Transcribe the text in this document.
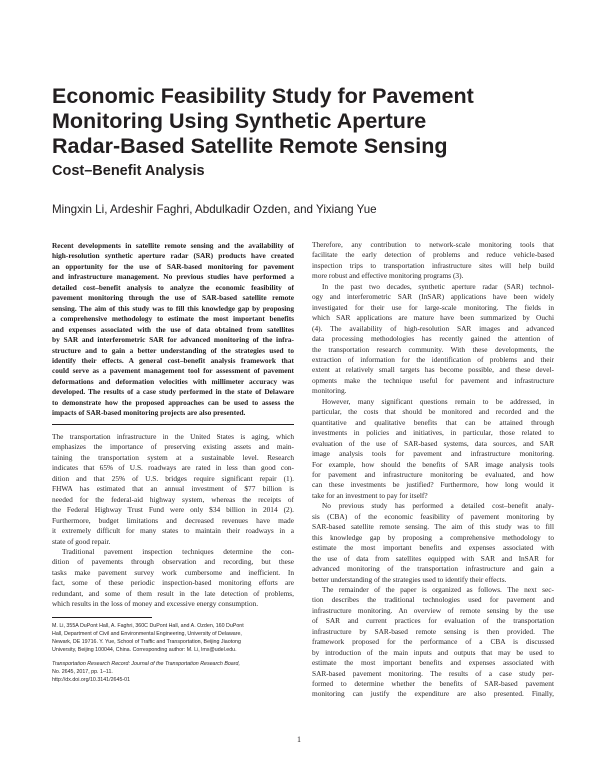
Economic Feasibility Study for Pavement
Monitoring Using Synthetic Aperture
Radar-Based Satellite Remote Sensing
Cost–Benefit Analysis
Mingxin Li, Ardeshir Faghri, Abdulkadir Ozden, and Yixiang Yue
Recent developments in satellite remote sensing and the availability of
high-resolution synthetic aperture radar (SAR) products have created
an opportunity for the use of SAR-based monitoring for pavement
and infrastructure management. No previous studies have performed a
detailed cost–benefit analysis to analyze the economic feasibility of
pavement monitoring through the use of SAR-based satellite remote
sensing. The aim of this study was to fill this knowledge gap by proposing
a comprehensive methodology to estimate the most important benefits
and expenses associated with the use of data obtained from satellites
by SAR and interferometric SAR for advanced monitoring of the infra-
structure and to gain a better understanding of the strategies used to
identify their effects. A general cost–benefit analysis framework that
could serve as a pavement management tool for assessment of pavement
deformations and deformation velocities with millimeter accuracy was
developed. The results of a case study performed in the state of Delaware
to demonstrate how the proposed approaches can be used to assess the
impacts of SAR-based monitoring projects are also presented.
The transportation infrastructure in the United States is aging, which
emphasizes the importance of preserving existing assets and main-
taining the transportation system at a sustainable level. Research
indicates that 65% of U.S. roadways are rated in less than good con-
dition and that 25% of U.S. bridges require significant repair (1).
FHWA has estimated that an annual investment of $77 billion is
needed for the federal-aid highway system, whereas the receipts of
the Federal Highway Trust Fund were only $34 billion in 2014 (2).
Furthermore, budget limitations and decreased revenues have made
it extremely difficult for many states to maintain their roadways in a
state of good repair.
Traditional pavement inspection techniques determine the con-
dition of pavements through observation and recording, but these
tasks make pavement survey work cumbersome and inefficient. In
fact, some of these periodic inspection-based monitoring efforts are
redundant, and some of them result in the late detection of problems,
which results in the loss of money and excessive energy consumption.
M. Li, 355A DuPont Hall, A. Faghri, 360C DuPont Hall, and A. Ozden, 160 DuPont
Hall, Department of Civil and Environmental Engineering, University of Delaware,
Newark, DE 19716. Y. Yue, School of Traffic and Transportation, Beijing Jiaotong
University, Beijing 100044, China. Corresponding author: M. Li, lmx@udel.edu.
Transportation Research Record: Journal of the Transportation Research Board,
No. 2645, 2017, pp. 1–11.
http://dx.doi.org/10.3141/2645-01
Therefore, any contribution to network-scale monitoring tools that
facilitate the early detection of problems and reduce vehicle-based
inspection trips to transportation infrastructure sites will help build
more robust and effective monitoring programs (3).
In the past two decades, synthetic aperture radar (SAR) technol-
ogy and interferometric SAR (InSAR) applications have been widely
investigated for their use for large-scale monitoring. The fields in
which SAR applications are mature have been summarized by Ouchi
(4). The availability of high-resolution SAR images and advanced
data processing methodologies has recently gained the attention of
the transportation research community. With these developments, the
extraction of information for the identification of problems and their
extent at relatively small targets has become possible, and these devel-
opments make the technique useful for pavement and infrastructure
monitoring.
However, many significant questions remain to be addressed, in
particular, the costs that should be monitored and recorded and the
quantitative and qualitative benefits that can be attained through
investments in policies and initiatives, in particular, those related to
evaluation of the use of SAR-based systems, data sources, and SAR
image analysis tools for pavement and infrastructure monitoring.
For example, how should the benefits of SAR image analysis tools
for pavement and infrastructure monitoring be evaluated, and how
can these investments be justified? Furthermore, how long would it
take for an investment to pay for itself?
No previous study has performed a detailed cost–benefit analy-
sis (CBA) of the economic feasibility of pavement monitoring by
SAR-based satellite remote sensing. The aim of this study was to fill
this knowledge gap by proposing a comprehensive methodology to
estimate the most important benefits and expenses associated with
the use of data from satellites equipped with SAR and InSAR for
advanced monitoring of the transportation infrastructure and gain a
better understanding of the strategies used to identify their effects.
The remainder of the paper is organized as follows. The next sec-
tion describes the traditional technologies used for pavement and
infrastructure monitoring. An overview of remote sensing by the use
of SAR and current practices for evaluation of the transportation
infrastructure by SAR-based remote sensing is then provided. The
framework proposed for the performance of a CBA is discussed
by introduction of the main inputs and outputs that may be used to
estimate the most important benefits and expenses associated with
SAR-based pavement monitoring. The results of a case study per-
formed to determine whether the benefits of SAR-based pavement
monitoring can justify the expenditure are also presented. Finally,
1
